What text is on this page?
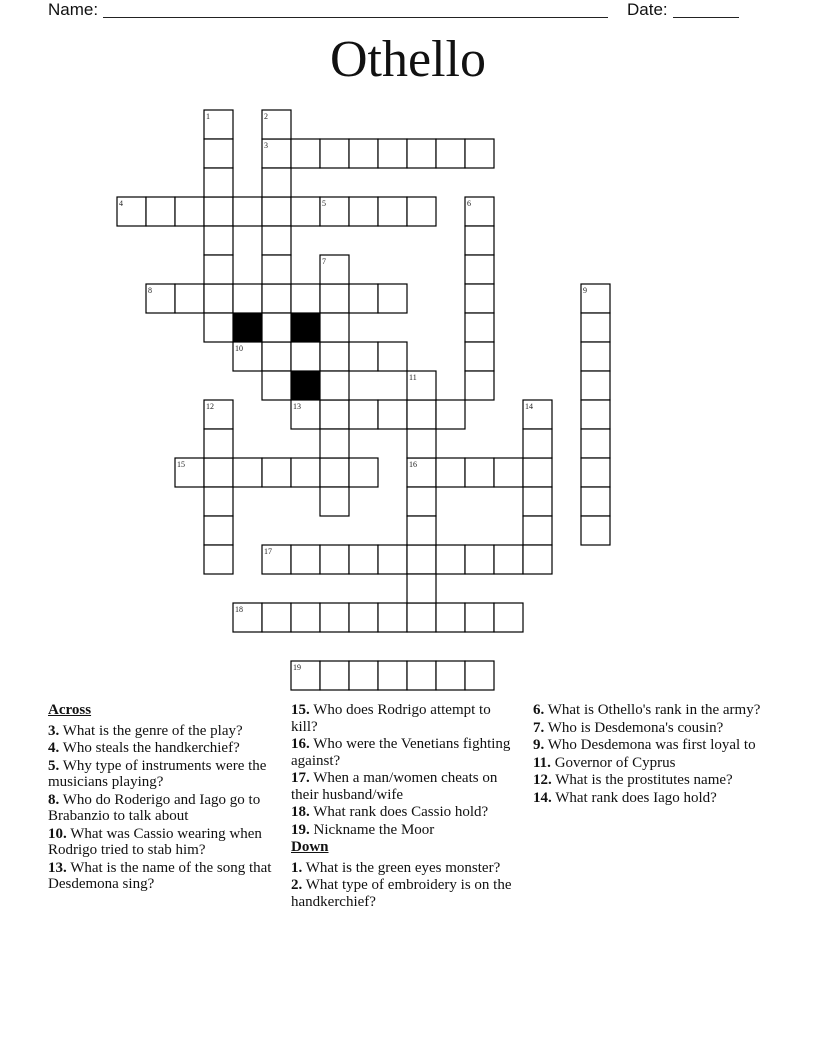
Name:	Date:
Othello
1	2
3
4	5	6
7
8	9
10
11
12	13	14
15	16
17
18
19
Across
3. What is the genre of the play?
4. Who steals the handkerchief?
5. Why type of instruments were the musicians playing?
8. Who do Roderigo and Iago go to Brabanzio to talk about
10. What was Cassio wearing when Rodrigo tried to stab him?
13. What is the name of the song that Desdemona sing?
15. Who does Rodrigo attempt to kill?
16. Who were the Venetians fighting against?
17. When a man/women cheats on their husband/wife
18. What rank does Cassio hold?
19. Nickname the Moor
Down
1. What is the green eyes monster?
2. What type of embroidery is on the handkerchief?
6. What is Othello's rank in the army?
7. Who is Desdemona's cousin?
9. Who Desdemona was first loyal to
11. Governor of Cyprus
12. What is the prostitutes name?
14. What rank does Iago hold?
